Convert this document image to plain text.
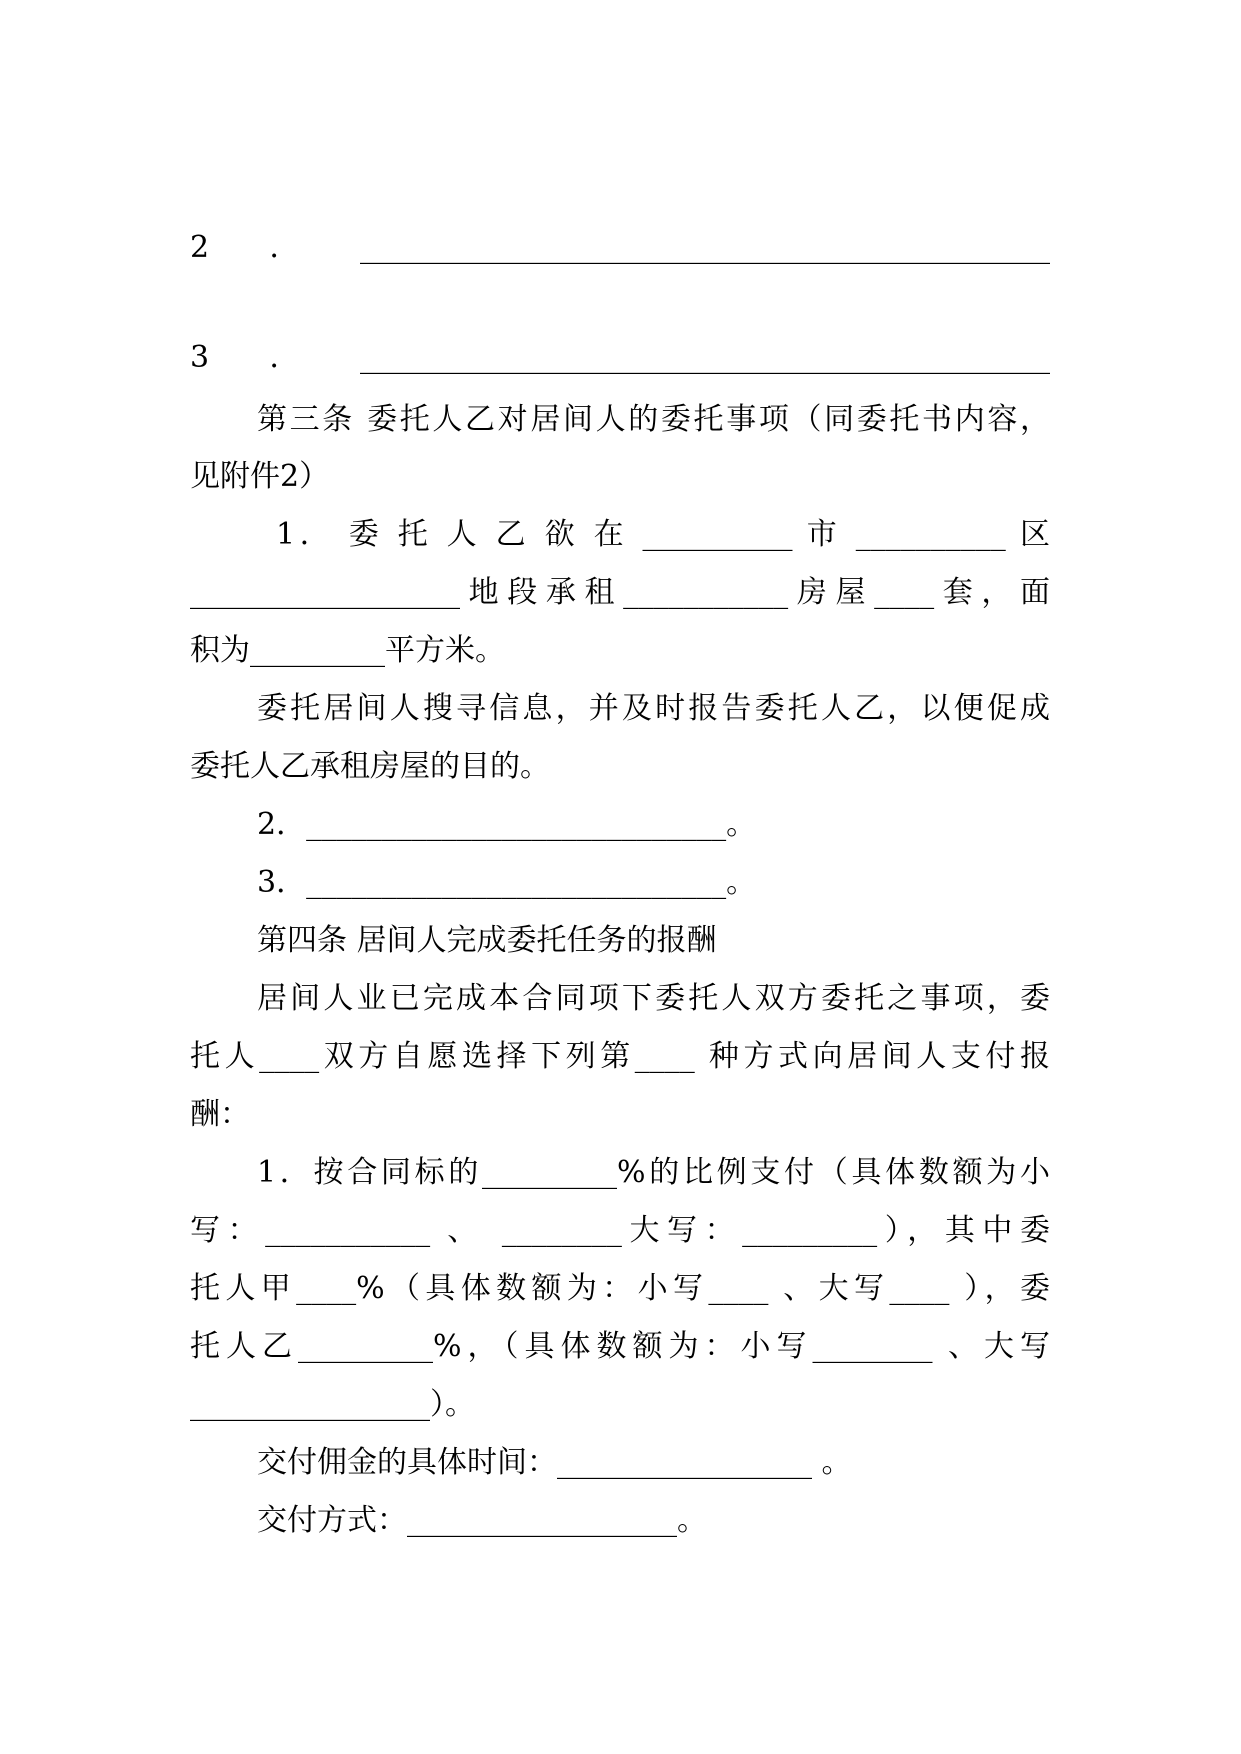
2．______________________________________________
3．______________________________________________
第三条 委托人乙对居间人的委托事项（同委托书内容，
见附件2）
1． 委 托 人 乙 欲 在 __________ 市 __________ 区
__________________地段承租___________房屋____套，面
积为_________平方米。
委托居间人搜寻信息，并及时报告委托人乙，以便促成
委托人乙承租房屋的目的。
2．____________________________。
3．____________________________。
第四条 居间人完成委托任务的报酬
居间人业已完成本合同项下委托人双方委托之事项，委
托人____双方自愿选择下列第____ 种方式向居间人支付报
酬：
1．按合同标的_________%的比例支付（具体数额为小
写：___________ 、 ________大写：_________），其中委
托人甲____%（具体数额为：小写____ 、大写____ ），委
托人乙_________%，（具体数额为：小写________ 、大写
________________）。
交付佣金的具体时间：_________________ 。
交付方式：__________________。
